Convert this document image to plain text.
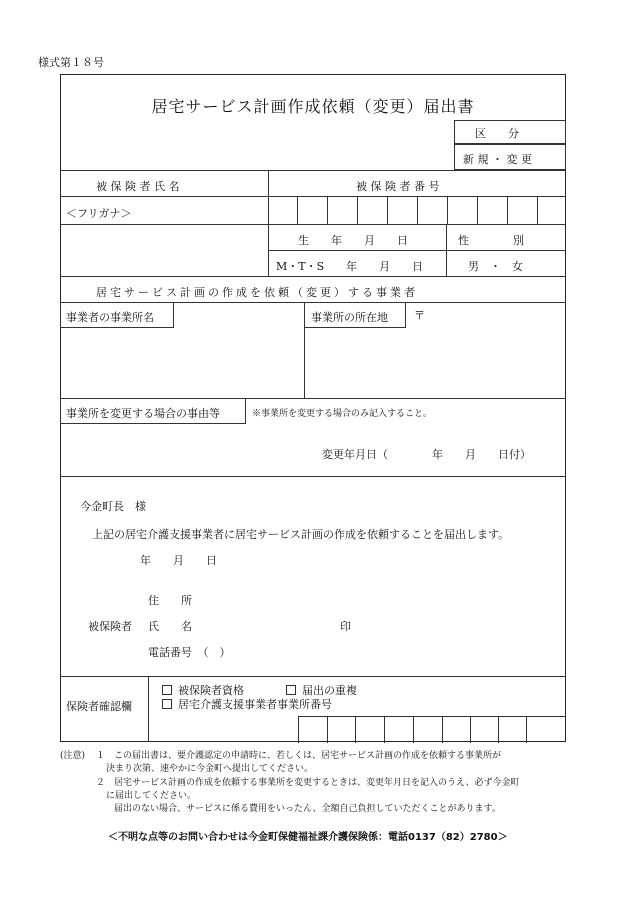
様式第１８号
居宅サービス計画作成依頼（変更）届出書
区　　分
新 規 ・ 変 更
被 保 険 者 氏 名	被 保 険 者 番 号
＜フリガナ＞
生　　年　　月　　日	性　　　　別
M・T・S　　年　　月　　日	男　・　女
居宅サービス計画の作成を依頼（変更）する事業者
事業者の事業所名	事業所の所在地 〒
事業所を変更する場合の事由等	※事業所を変更する場合のみ記入すること。
変更年月日（　　　　年　　月　　日付）
今金町長　様
上記の居宅介護支援事業者に居宅サービス計画の作成を依頼することを届出します。
年　　月　　日
住　　所
被保険者 氏　　名	印
電話番号　（　）
保険者確認欄
被保険者資格	届出の重複
居宅介護支援事業者事業所番号
(注意) １ この届出書は、要介護認定の申請時に、若しくは、居宅サービス計画の作成を依頼する事業所が
決まり次第、速やかに今金町へ提出してください。
２ 居宅サービス計画の作成を依頼する事業所を変更するときは、変更年月日を記入のうえ、必ず今金町
に届出してください。
届出のない場合、サービスに係る費用をいったん、全額自己負担していただくことがあります。
＜不明な点等のお問い合わせは今金町保健福祉課介護保険係：電話0137（82）2780＞
